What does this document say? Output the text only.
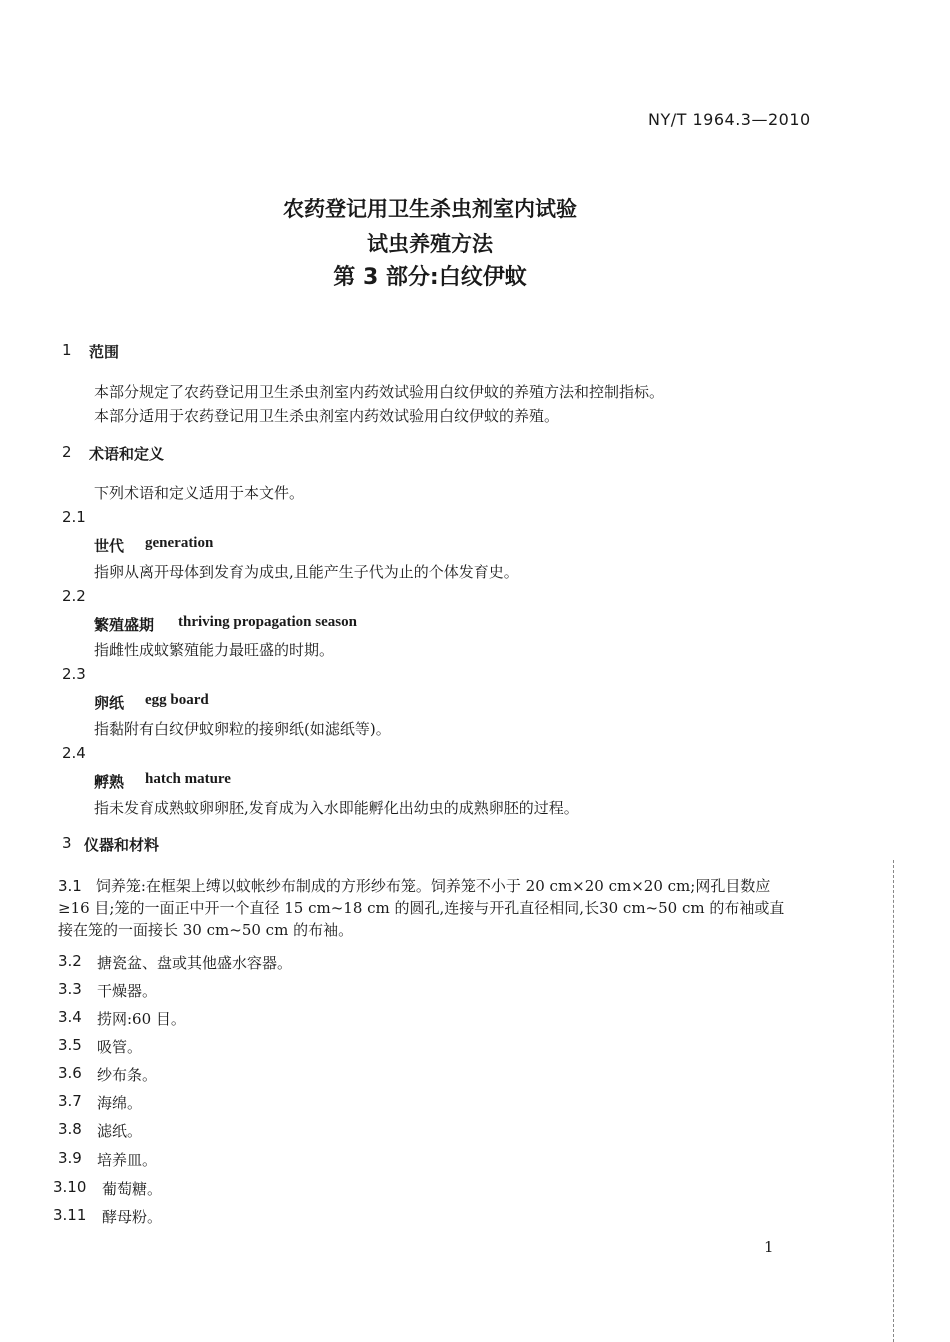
NY/T 1964.3—2010
农药登记用卫生杀虫剂室内试验
试虫养殖方法
第 3 部分:白纹伊蚊
1 范围
本部分规定了农药登记用卫生杀虫剂室内药效试验用白纹伊蚊的养殖方法和控制指标。
本部分适用于农药登记用卫生杀虫剂室内药效试验用白纹伊蚊的养殖。
2 术语和定义
下列术语和定义适用于本文件。
2.1
世代 generation
指卵从离开母体到发育为成虫,且能产生子代为止的个体发育史。
2.2
繁殖盛期 thriving propagation season
指雌性成蚊繁殖能力最旺盛的时期。
2.3
卵纸 egg board
指黏附有白纹伊蚊卵粒的接卵纸(如滤纸等)。
2.4
孵熟 hatch mature
指未发育成熟蚊卵卵胚,发育成为入水即能孵化出幼虫的成熟卵胚的过程。
3 仪器和材料
3.1 饲养笼:在框架上缚以蚊帐纱布制成的方形纱布笼。饲养笼不小于 20 cm×20 cm×20 cm;网孔目数应≥16 目;笼的一面正中开一个直径 15 cm~18 cm 的圆孔,连接与开孔直径相同,长30 cm~50 cm 的布袖或直接在笼的一面接长 30 cm~50 cm 的布袖。
3.2 搪瓷盆、盘或其他盛水容器。
3.3 干燥器。
3.4 捞网:60 目。
3.5 吸管。
3.6 纱布条。
3.7 海绵。
3.8 滤纸。
3.9 培养皿。
3.10 葡萄糖。
3.11 酵母粉。
1
